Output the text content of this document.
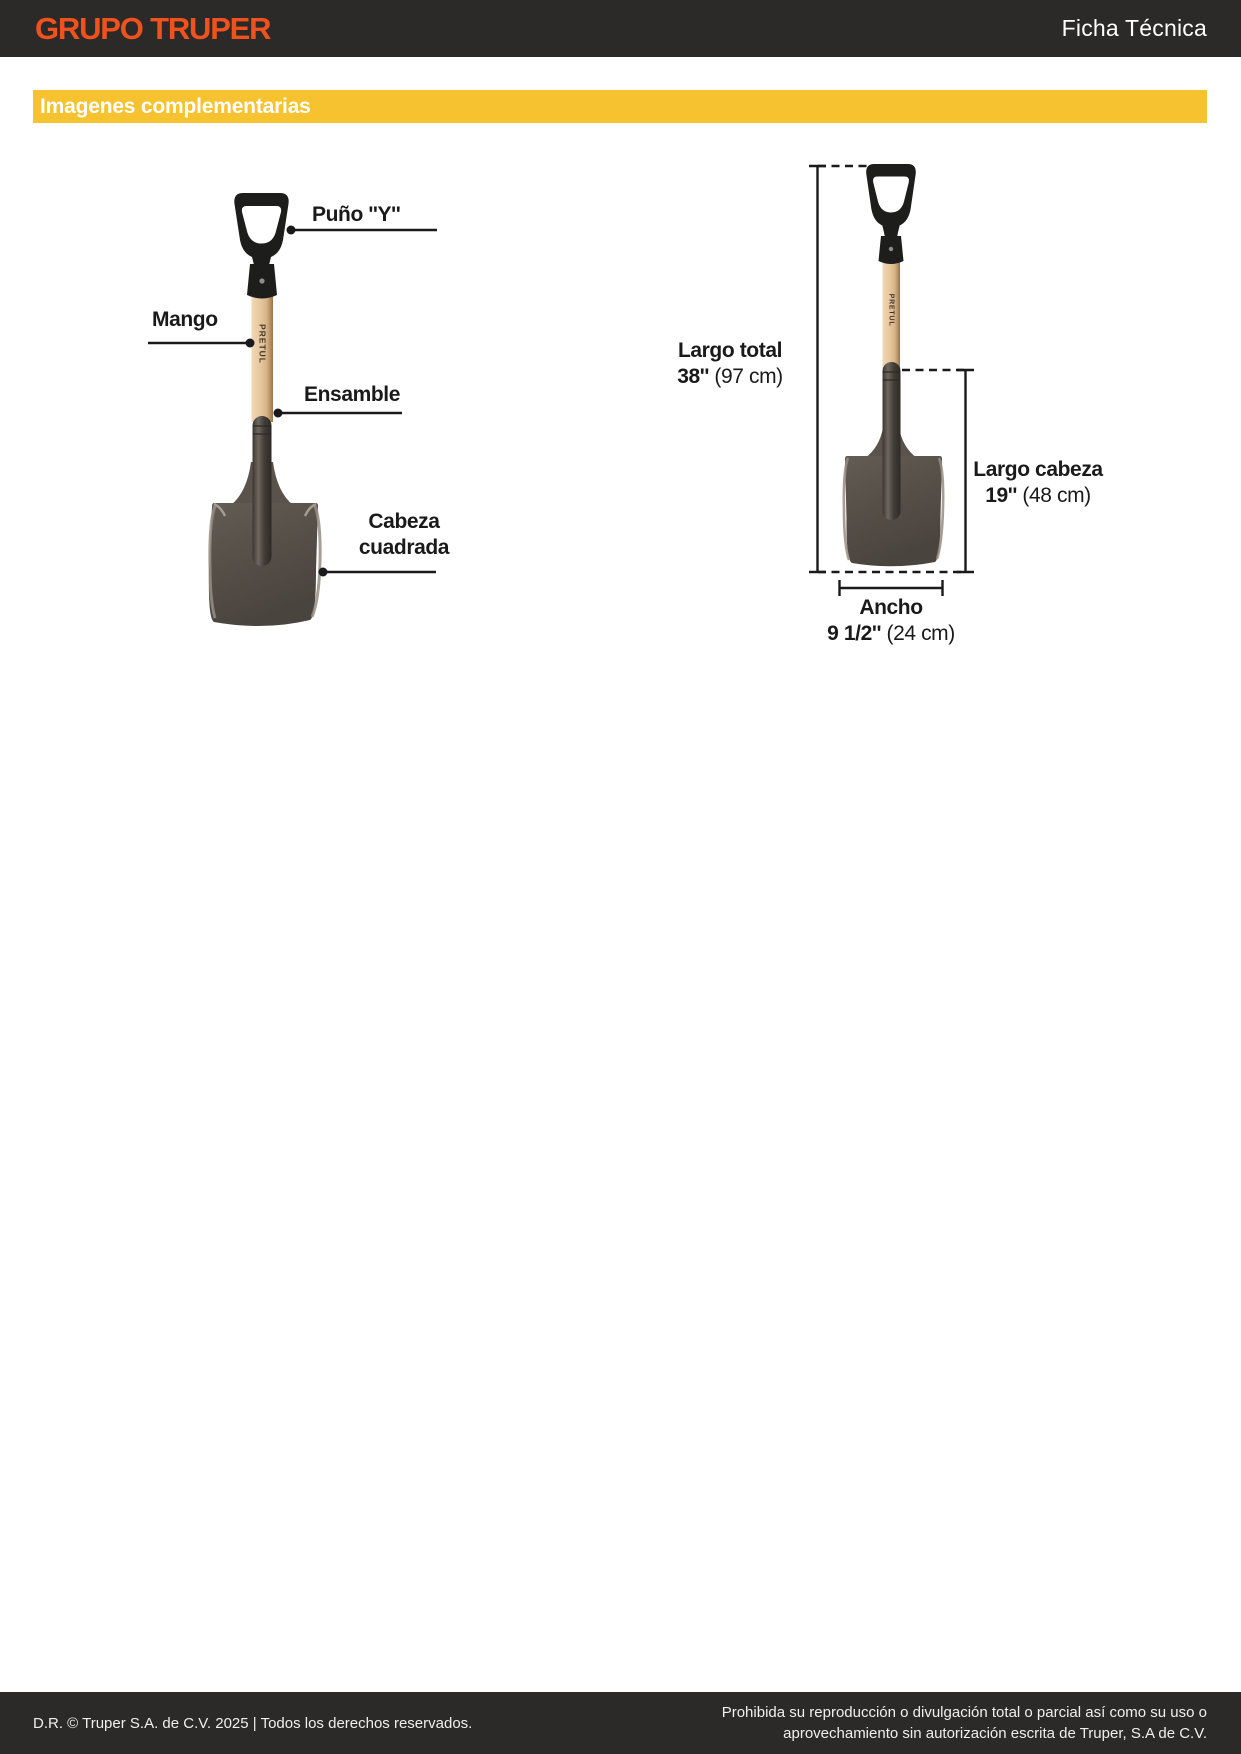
GRUPO TRUPER	Ficha Técnica
Imagenes complementarias
PRETUL
PRETUL
Puño ''Y''
Mango
Ensamble
Cabeza
cuadrada
Largo total
38'' (97 cm)
Largo cabeza
19'' (48 cm)
Ancho
9 1/2'' (24 cm)
D.R. © Truper S.A. de C.V. 2025 | Todos los derechos reservados.
Prohibida su reproducción o divulgación total o parcial así como su uso o
aprovechamiento sin autorización escrita de Truper, S.A de C.V.
